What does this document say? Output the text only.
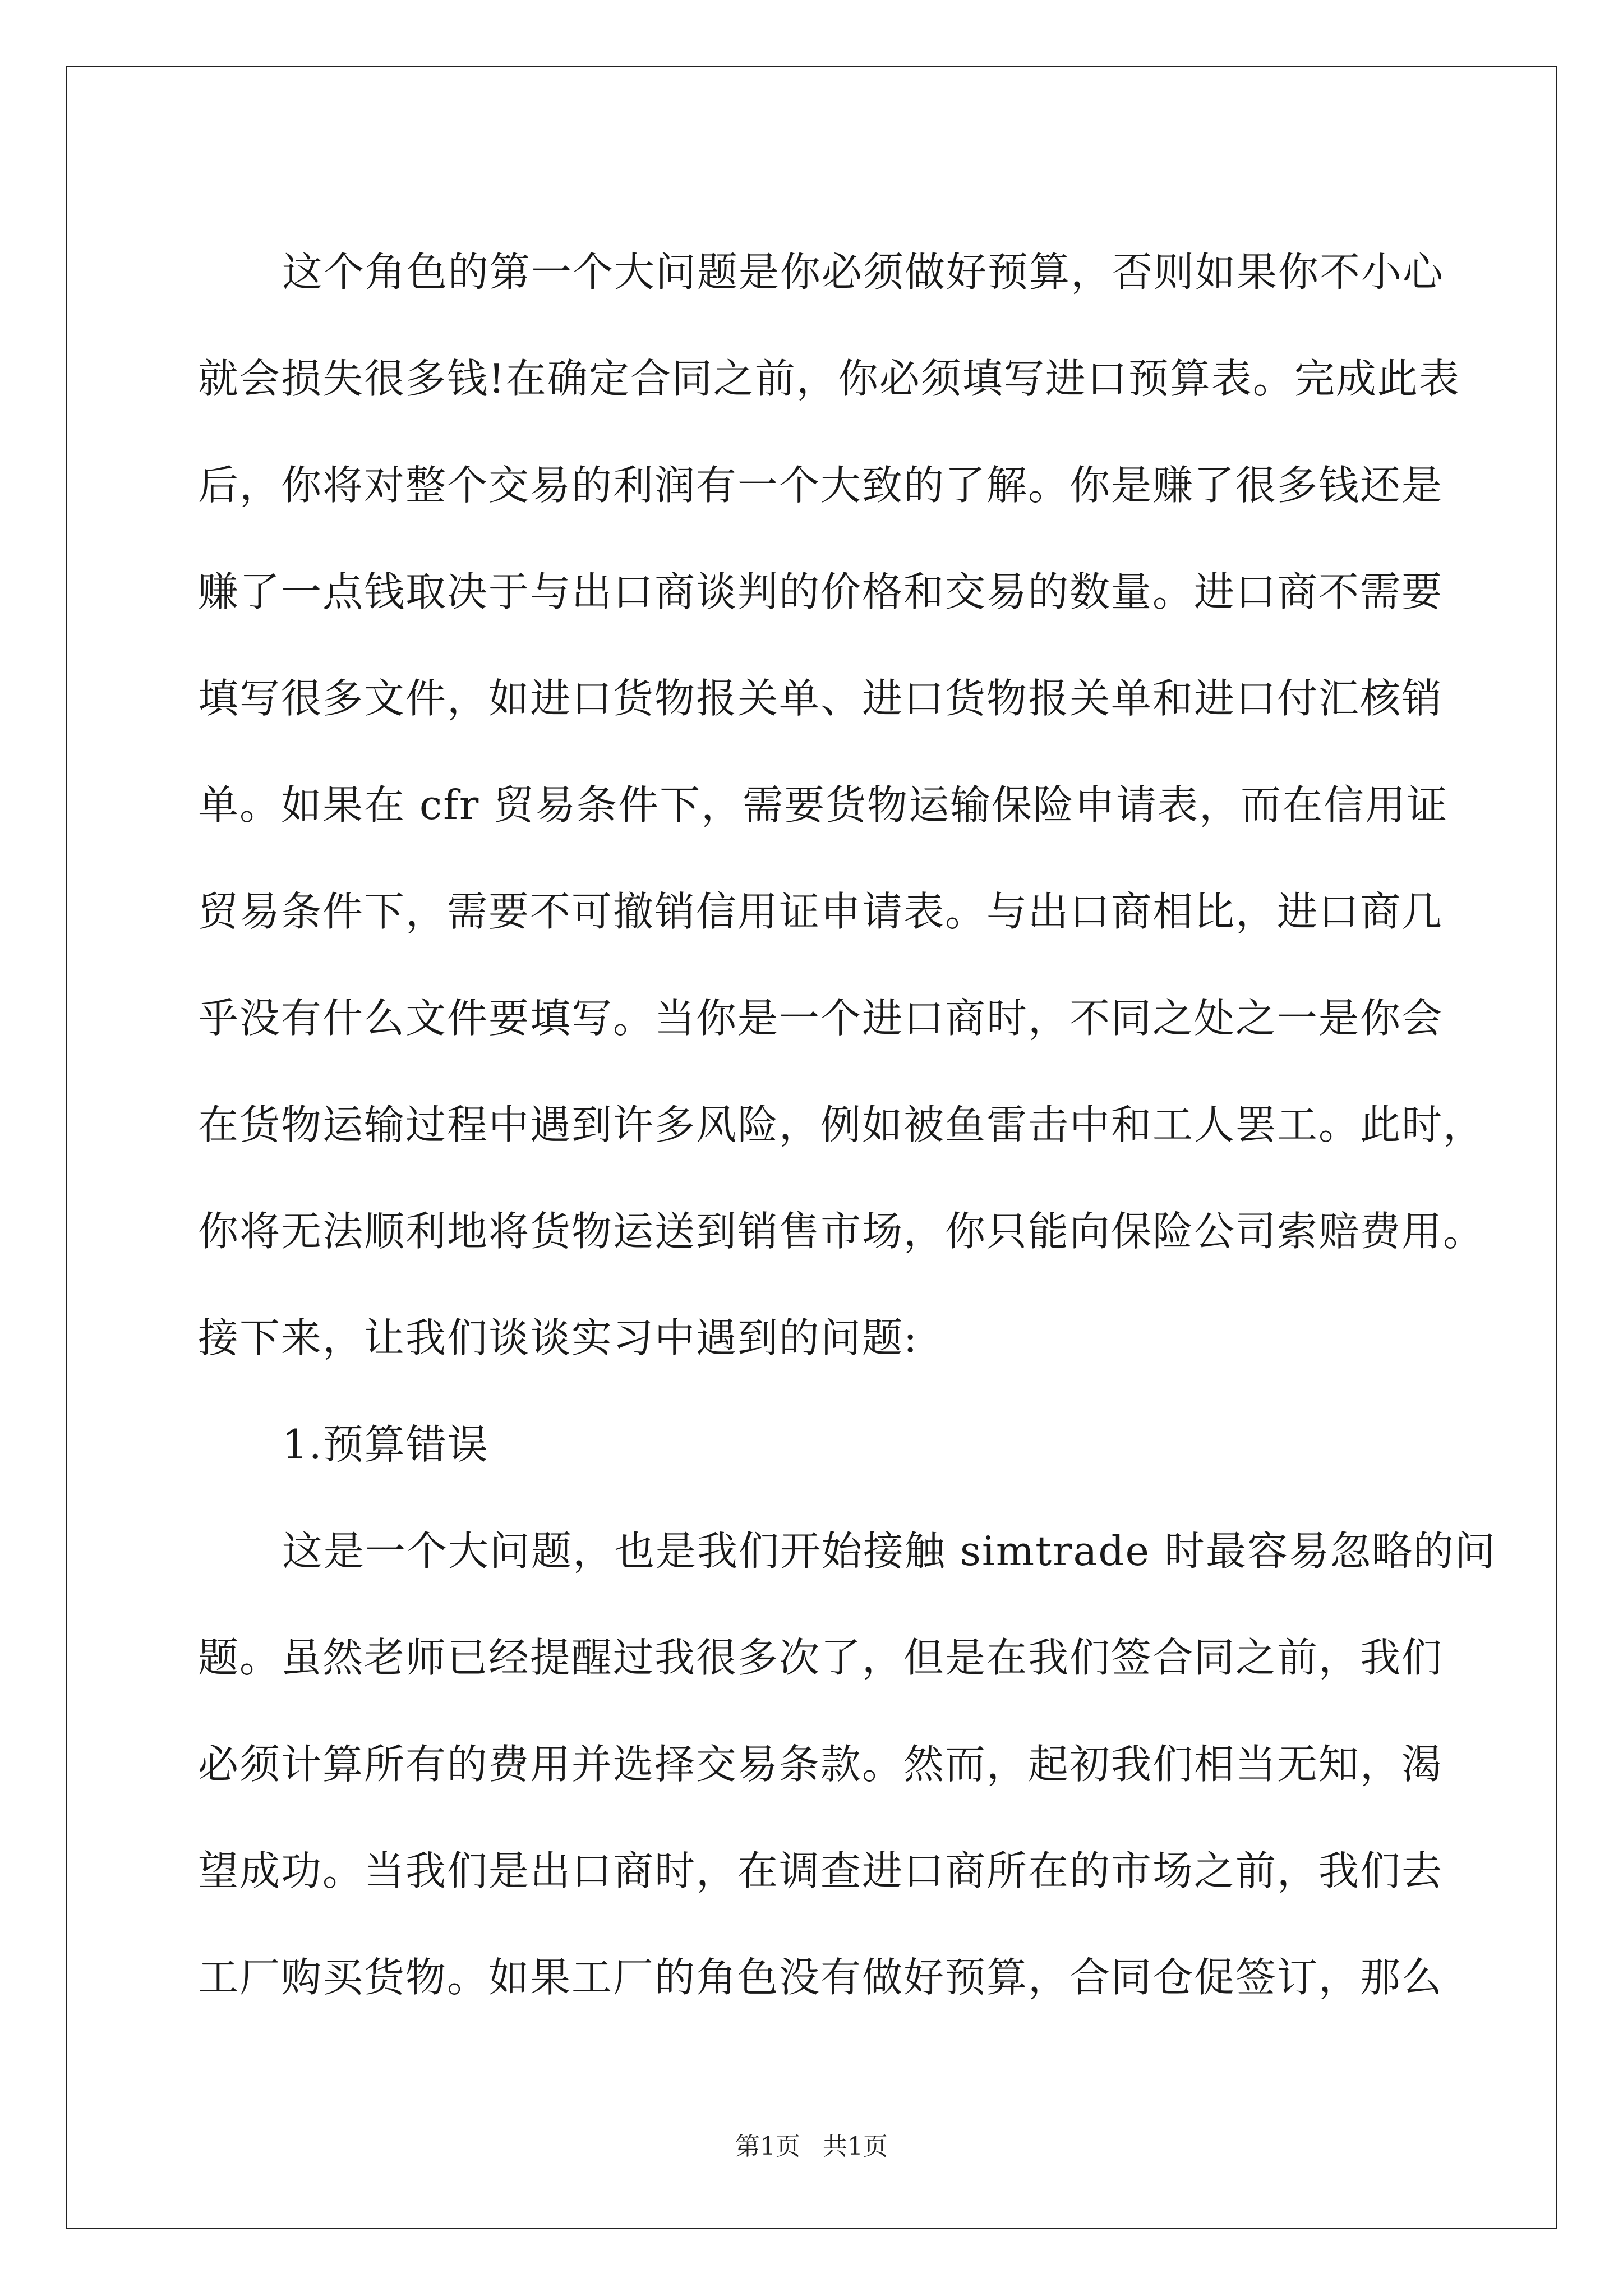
这个角色的第一个大问题是你必须做好预算，否则如果你不小心
就会损失很多钱!在确定合同之前，你必须填写进口预算表。完成此表
后，你将对整个交易的利润有一个大致的了解。你是赚了很多钱还是
赚了一点钱取决于与出口商谈判的价格和交易的数量。进口商不需要
填写很多文件，如进口货物报关单、进口货物报关单和进口付汇核销
单。如果在 cfr 贸易条件下，需要货物运输保险申请表，而在信用证
贸易条件下，需要不可撤销信用证申请表。与出口商相比，进口商几
乎没有什么文件要填写。当你是一个进口商时，不同之处之一是你会
在货物运输过程中遇到许多风险，例如被鱼雷击中和工人罢工。此时，
你将无法顺利地将货物运送到销售市场，你只能向保险公司索赔费用。
接下来，让我们谈谈实习中遇到的问题:
1.预算错误
这是一个大问题，也是我们开始接触 simtrade 时最容易忽略的问
题。虽然老师已经提醒过我很多次了，但是在我们签合同之前，我们
必须计算所有的费用并选择交易条款。然而，起初我们相当无知，渴
望成功。当我们是出口商时，在调查进口商所在的市场之前，我们去
工厂购买货物。如果工厂的角色没有做好预算，合同仓促签订，那么
第1页 共1页
